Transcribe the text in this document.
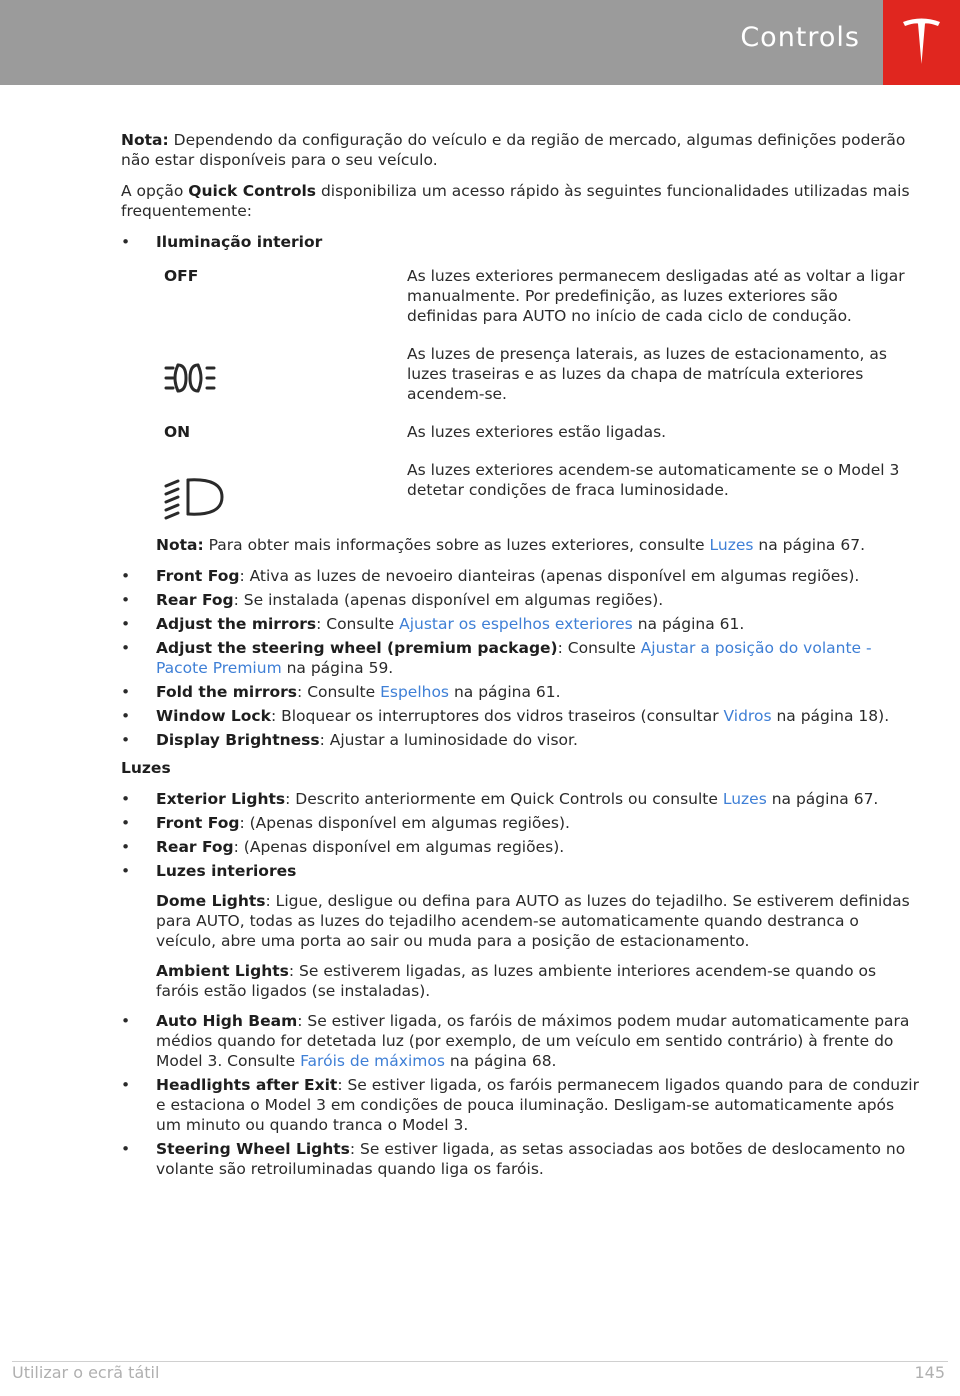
Controls

Nota: Dependendo da configuração do veículo e da região de mercado, algumas definições poderão não estar disponíveis para o seu veículo.

A opção Quick Controls disponibiliza um acesso rápido às seguintes funcionalidades utilizadas mais frequentemente:

• Iluminação interior
OFF	As luzes exteriores permanecem desligadas até as voltar a ligar manualmente. Por predefinição, as luzes exteriores são definidas para AUTO no início de cada ciclo de condução.
	As luzes de presença laterais, as luzes de estacionamento, as luzes traseiras e as luzes da chapa de matrícula exteriores acendem-se.
ON	As luzes exteriores estão ligadas.
	As luzes exteriores acendem-se automaticamente se o Model 3 detetar condições de fraca luminosidade.

Nota: Para obter mais informações sobre as luzes exteriores, consulte Luzes na página 67.

• Front Fog: Ativa as luzes de nevoeiro dianteiras (apenas disponível em algumas regiões).
• Rear Fog: Se instalada (apenas disponível em algumas regiões).
• Adjust the mirrors: Consulte Ajustar os espelhos exteriores na página 61.
• Adjust the steering wheel (premium package): Consulte Ajustar a posição do volante - Pacote Premium na página 59.
• Fold the mirrors: Consulte Espelhos na página 61.
• Window Lock: Bloquear os interruptores dos vidros traseiros (consultar Vidros na página 18).
• Display Brightness: Ajustar a luminosidade do visor.

Luzes

• Exterior Lights: Descrito anteriormente em Quick Controls ou consulte Luzes na página 67.
• Front Fog: (Apenas disponível em algumas regiões).
• Rear Fog: (Apenas disponível em algumas regiões).
• Luzes interiores

Dome Lights: Ligue, desligue ou defina para AUTO as luzes do tejadilho. Se estiverem definidas para AUTO, todas as luzes do tejadilho acendem-se automaticamente quando destranca o veículo, abre uma porta ao sair ou muda para a posição de estacionamento.

Ambient Lights: Se estiverem ligadas, as luzes ambiente interiores acendem-se quando os faróis estão ligados (se instaladas).

• Auto High Beam: Se estiver ligada, os faróis de máximos podem mudar automaticamente para médios quando for detetada luz (por exemplo, de um veículo em sentido contrário) à frente do Model 3. Consulte Faróis de máximos na página 68.
• Headlights after Exit: Se estiver ligada, os faróis permanecem ligados quando para de conduzir e estaciona o Model 3 em condições de pouca iluminação. Desligam-se automaticamente após um minuto ou quando tranca o Model 3.
• Steering Wheel Lights: Se estiver ligada, as setas associadas aos botões de deslocamento no volante são retroiluminadas quando liga os faróis.
Utilizar o ecrã tátil	145
